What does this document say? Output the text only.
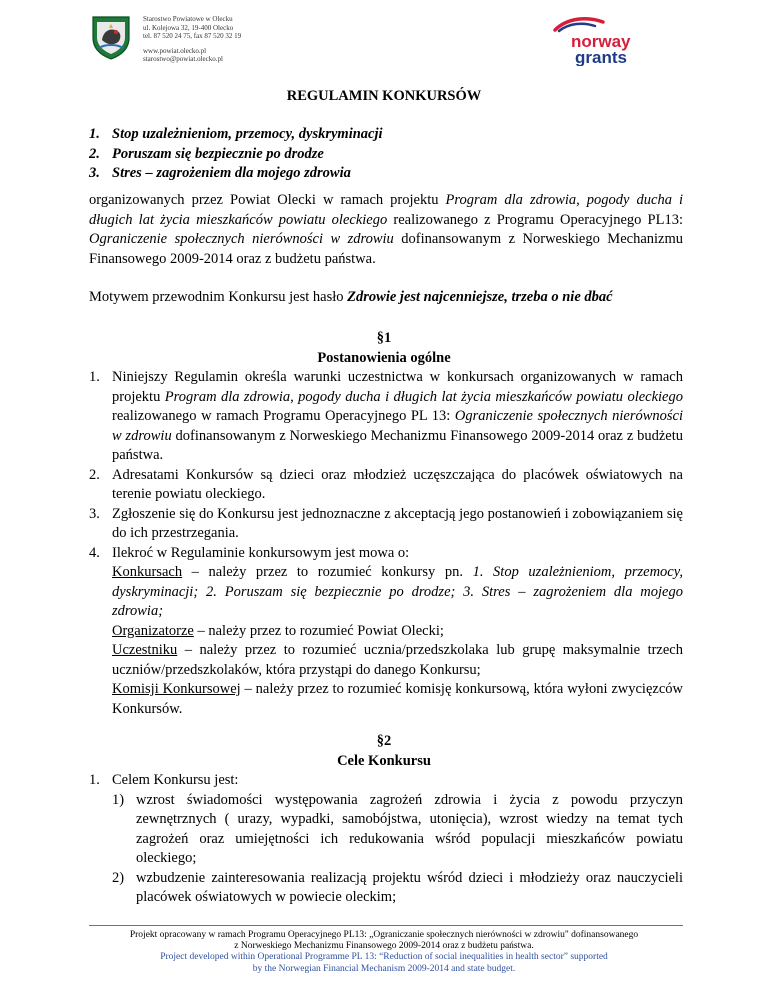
Starostwo Powiatowe w Olecku
ul. Kolejowa 32, 19-400 Olecko
tel. 87 520 24 75, fax 87 520 32 19
www.powiat.olecko.pl
starostwo@powiat.olecko.pl
norway
grants
REGULAMIN KONKURSÓW
1. Stop uzależnieniom, przemocy, dyskryminacji
2. Poruszam się bezpiecznie po drodze
3. Stres – zagrożeniem dla mojego zdrowia
organizowanych przez Powiat Olecki w ramach projektu Program dla zdrowia, pogody ducha i długich lat życia mieszkańców powiatu oleckiego realizowanego z Programu Operacyjnego PL13: Ograniczenie społecznych nierówności w zdrowiu dofinansowanym z Norweskiego Mechanizmu Finansowego 2009-2014 oraz z budżetu państwa.
Motywem przewodnim Konkursu jest hasło Zdrowie jest najcenniejsze, trzeba o nie dbać
§1
Postanowienia ogólne
1. Niniejszy Regulamin określa warunki uczestnictwa w konkursach organizowanych w ramach projektu Program dla zdrowia, pogody ducha i długich lat życia mieszkańców powiatu oleckiego realizowanego w ramach Programu Operacyjnego PL 13: Ograniczenie społecznych nierówności w zdrowiu dofinansowanym z Norweskiego Mechanizmu Finansowego 2009-2014 oraz z budżetu państwa.
2. Adresatami Konkursów są dzieci oraz młodzież uczęszczająca do placówek oświatowych na terenie powiatu oleckiego.
3. Zgłoszenie się do Konkursu jest jednoznaczne z akceptacją jego postanowień i zobowiązaniem się do ich przestrzegania.
4. Ilekroć w Regulaminie konkursowym jest mowa o:
Konkursach – należy przez to rozumieć konkursy pn. 1. Stop uzależnieniom, przemocy, dyskryminacji; 2. Poruszam się bezpiecznie po drodze; 3. Stres – zagrożeniem dla mojego zdrowia;
Organizatorze – należy przez to rozumieć Powiat Olecki;
Uczestniku – należy przez to rozumieć ucznia/przedszkolaka lub grupę maksymalnie trzech uczniów/przedszkolaków, która przystąpi do danego Konkursu;
Komisji Konkursowej – należy przez to rozumieć komisję konkursową, która wyłoni zwycięzców Konkursów.
§2
Cele Konkursu
1. Celem Konkursu jest:
1) wzrost świadomości występowania zagrożeń zdrowia i życia z powodu przyczyn zewnętrznych ( urazy, wypadki, samobójstwa, utonięcia), wzrost wiedzy na temat tych zagrożeń oraz umiejętności ich redukowania wśród populacji mieszkańców powiatu oleckiego;
2) wzbudzenie zainteresowania realizacją projektu wśród dzieci i młodzieży oraz nauczycieli placówek oświatowych w powiecie oleckim;
Projekt opracowany w ramach Programu Operacyjnego PL13: „Ograniczanie społecznych nierówności w zdrowiu" dofinansowanego
z Norweskiego Mechanizmu Finansowego 2009-2014 oraz z budżetu państwa.
Project developed within Operational Programme PL 13: “Reduction of social inequalities in health sector” supported
by the Norwegian Financial Mechanism 2009-2014 and state budget.
